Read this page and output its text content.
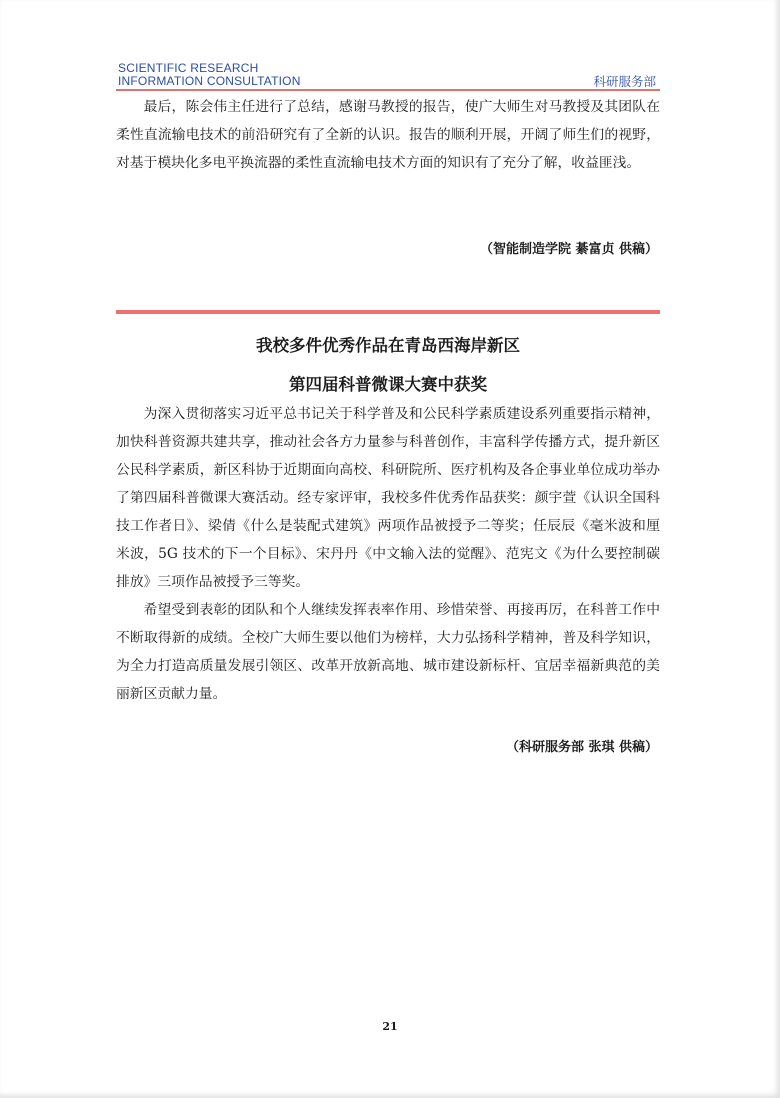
SCIENTIFIC RESEARCH
INFORMATION CONSULTATION	科研服务部

最后，陈会伟主任进行了总结，感谢马教授的报告，使广大师生对马教授及其团队在柔性直流输电技术的前沿研究有了全新的认识。报告的顺利开展，开阔了师生们的视野，对基于模块化多电平换流器的柔性直流输电技术方面的知识有了充分了解，收益匪浅。

（智能制造学院 綦富贞 供稿）
我校多件优秀作品在青岛西海岸新区
第四届科普微课大赛中获奖

为深入贯彻落实习近平总书记关于科学普及和公民科学素质建设系列重要指示精神，加快科普资源共建共享，推动社会各方力量参与科普创作，丰富科学传播方式，提升新区公民科学素质，新区科协于近期面向高校、科研院所、医疗机构及各企事业单位成功举办了第四届科普微课大赛活动。经专家评审，我校多件优秀作品获奖：颜宇萱《认识全国科技工作者日》、梁倩《什么是装配式建筑》两项作品被授予二等奖；任辰辰《毫米波和厘米波，5G 技术的下一个目标》、宋丹丹《中文输入法的觉醒》、范宪文《为什么要控制碳排放》三项作品被授予三等奖。

希望受到表彰的团队和个人继续发挥表率作用、珍惜荣誉、再接再厉，在科普工作中不断取得新的成绩。全校广大师生要以他们为榜样，大力弘扬科学精神，普及科学知识，为全力打造高质量发展引领区、改革开放新高地、城市建设新标杆、宜居幸福新典范的美丽新区贡献力量。

（科研服务部 张琪 供稿）
21
